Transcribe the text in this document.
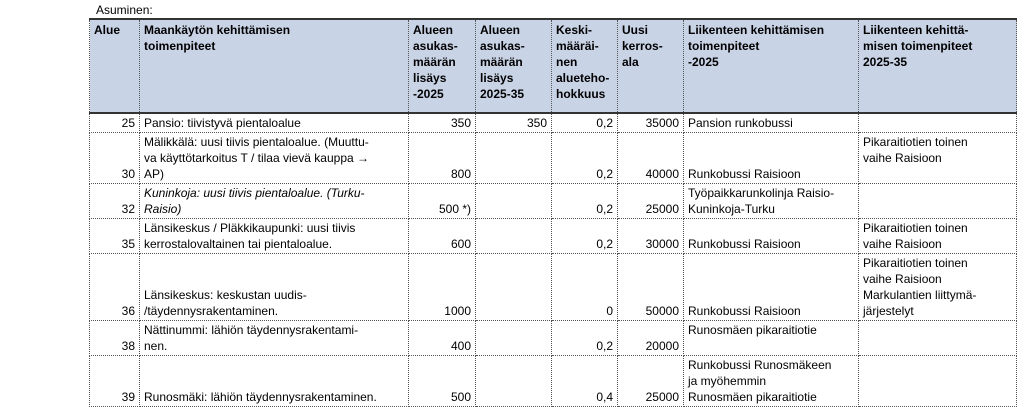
Asuminen:
Alue	Maankäytön kehittämisen
toimenpiteet	Alueen
asukas-
määrän
lisäys
-2025	Alueen
asukas-
määrän
lisäys
2025-35	Keski-
määräi-
nen
alueteho-
hokkuus	Uusi
kerros-
ala	Liikenteen kehittämisen
toimenpiteet
-2025	Liikenteen kehittä-
misen toimenpiteet
2025-35
25	Pansio: tiivistyvä pientaloalue	350	350	0,2	35000	Pansion runkobussi	
30	Mälikkälä: uusi tiivis pientaloalue. (Muuttu-
va käyttötarkoitus T / tilaa vievä kauppa →
AP)	800		0,2	40000	Runkobussi Raisioon	Pikaraitiotien toinen
vaihe Raisioon
32	Kuninkoja: uusi tiivis pientaloalue. (Turku-
Raisio)	500 *)		0,2	25000	Työpaikkarunkolinja Raisio-
Kuninkoja-Turku	
35	Länsikeskus / Pläkkikaupunki: uusi tiivis
kerrostalovaltainen tai pientaloalue.	600		0,2	30000	Runkobussi Raisioon	Pikaraitiotien toinen
vaihe Raisioon
36	Länsikeskus: keskustan uudis-
/täydennysrakentaminen.	1000		0	50000	Runkobussi Raisioon	Pikaraitiotien toinen
vaihe Raisioon
Markulantien liittymä-
järjestelyt
38	Nättinummi: lähiön täydennysrakentami-
nen.	400		0,2	20000	Runosmäen pikaraitiotie	
39	Runosmäki: lähiön täydennysrakentaminen.	500		0,4	25000	Runkobussi Runosmäkeen
ja myöhemmin
Runosmäen pikaraitiotie	
